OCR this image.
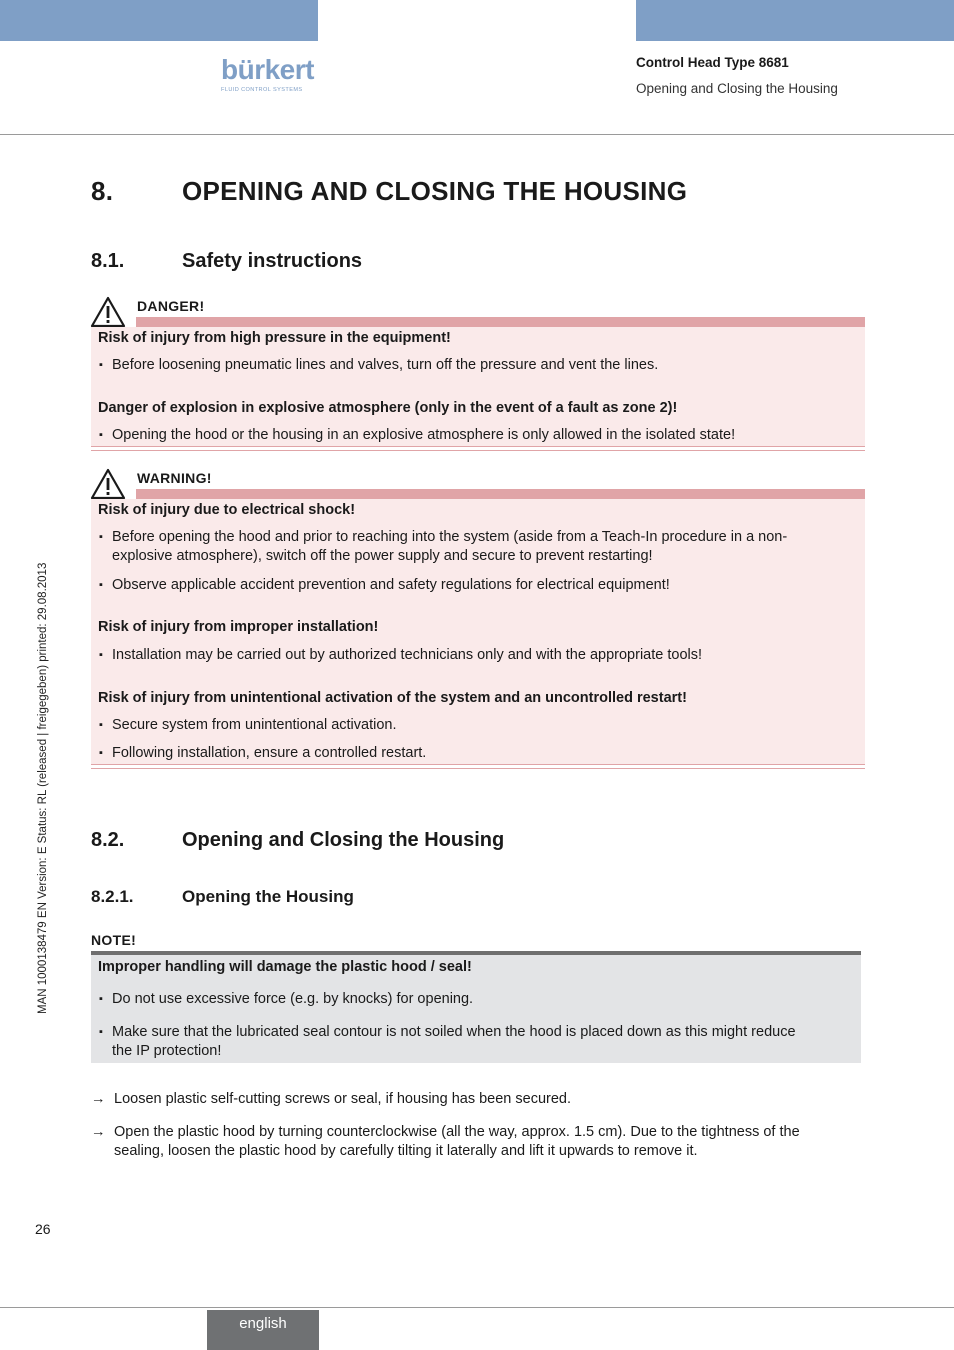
bürkert
FLUID CONTROL SYSTEMS
Control Head Type 8681
Opening and Closing the Housing
MAN 1000138479 EN Version: E Status: RL (released | freigegeben) printed: 29.08.2013
8.	OPENING AND CLOSING THE HOUSING
8.1.	Safety instructions
DANGER!
Risk of injury from high pressure in the equipment!
▪ Before loosening pneumatic lines and valves, turn off the pressure and vent the lines.
Danger of explosion in explosive atmosphere (only in the event of a fault as zone 2)!
▪ Opening the hood or the housing in an explosive atmosphere is only allowed in the isolated state!
WARNING!
Risk of injury due to electrical shock!
▪ Before opening the hood and prior to reaching into the system (aside from a Teach-In procedure in a non-
explosive atmosphere), switch off the power supply and secure to prevent restarting!
▪ Observe applicable accident prevention and safety regulations for electrical equipment!
Risk of injury from improper installation!
▪ Installation may be carried out by authorized technicians only and with the appropriate tools!
Risk of injury from unintentional activation of the system and an uncontrolled restart!
▪ Secure system from unintentional activation.
▪ Following installation, ensure a controlled restart.
8.2.	Opening and Closing the Housing
8.2.1.	Opening the Housing
NOTE!
Improper handling will damage the plastic hood / seal!
▪ Do not use excessive force (e.g. by knocks) for opening.
▪ Make sure that the lubricated seal contour is not soiled when the hood is placed down as this might reduce
the IP protection!
→ Loosen plastic self-cutting screws or seal, if housing has been secured.
→ Open the plastic hood by turning counterclockwise (all the way, approx. 1.5 cm). Due to the tightness of the
sealing, loosen the plastic hood by carefully tilting it laterally and lift it upwards to remove it.
26
english
